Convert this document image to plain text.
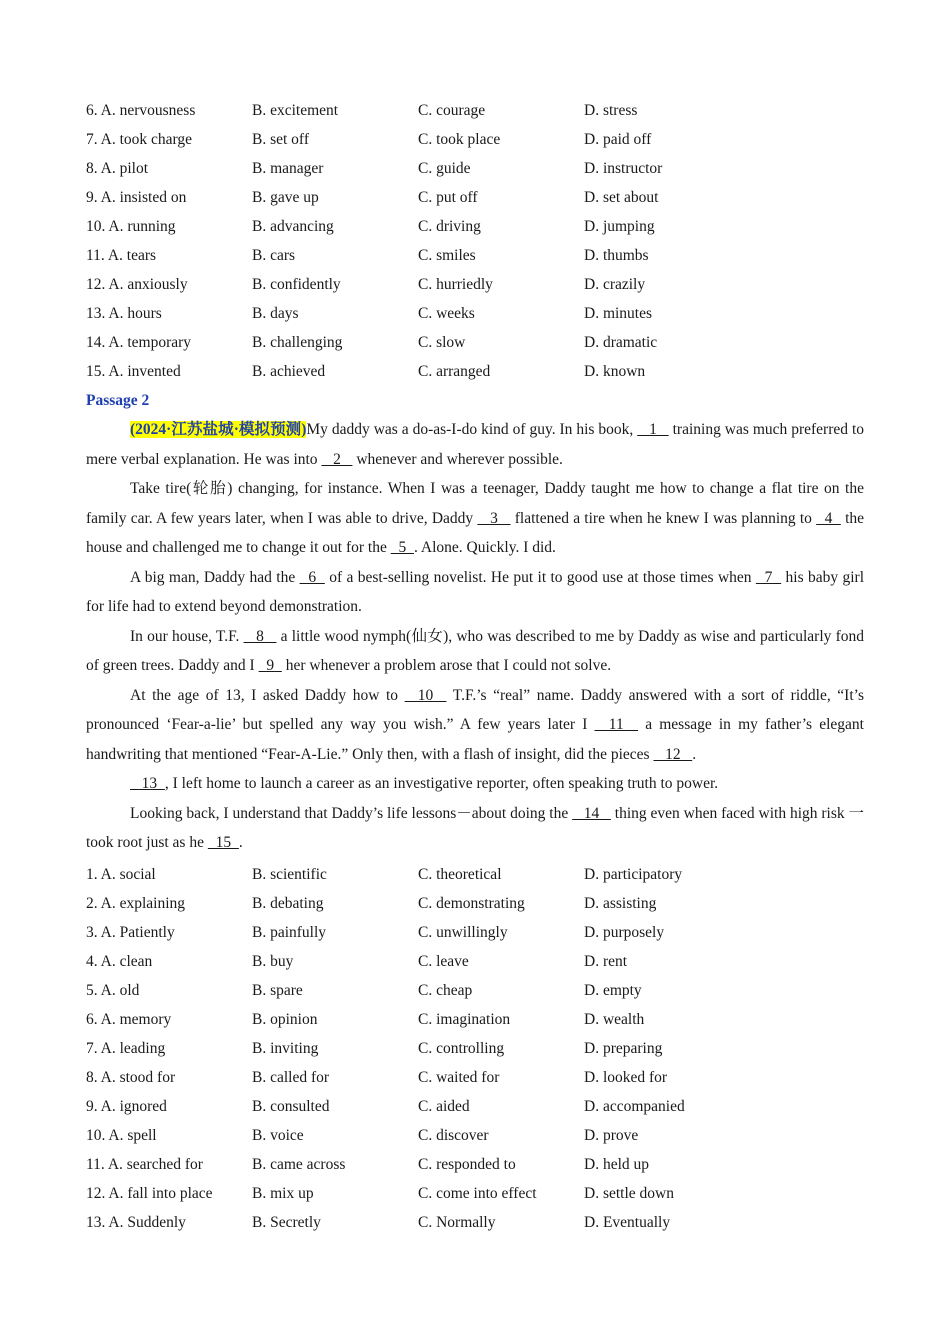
6. A. nervousness	B. excitement	C. courage	D. stress
7. A. took charge	B. set off	C. took place	D. paid off
8. A. pilot	B. manager	C. guide	D. instructor
9. A. insisted on	B. gave up	C. put off	D. set about
10. A. running	B. advancing	C. driving	D. jumping
11. A. tears	B. cars	C. smiles	D. thumbs
12. A. anxiously	B. confidently	C. hurriedly	D. crazily
13. A. hours	B. days	C. weeks	D. minutes
14. A. temporary	B. challenging	C. slow	D. dramatic
15. A. invented	B. achieved	C. arranged	D. known
Passage 2

(2024·江苏盐城·模拟预测)My daddy was a do-as-I-do kind of guy. In his book,    1    training was much preferred to mere verbal explanation. He was into    2    whenever and wherever possible.

Take tire(轮胎) changing, for instance. When I was a teenager, Daddy taught me how to change a flat tire on the family car. A few years later, when I was able to drive, Daddy    3    flattened a tire when he knew I was planning to   4   the house and challenged me to change it out for the   5  . Alone. Quickly. I did.

A big man, Daddy had the   6   of a best-selling novelist. He put it to good use at those times when   7   his baby girl for life had to extend beyond demonstration.

In our house, T.F.    8    a little wood nymph(仙女), who was described to me by Daddy as wise and particularly fond of green trees. Daddy and I   9   her whenever a problem arose that I could not solve.

At the age of 13, I asked Daddy how to   10   T.F.’s “real” name. Daddy answered with a sort of riddle, “It’s pronounced ‘Fear-a-lie’ but spelled any way you wish.” A few years later I   11   a message in my father’s elegant handwriting that mentioned “Fear-A-Lie.” Only then, with a flash of insight, did the pieces    12   .

13  , I left home to launch a career as an investigative reporter, often speaking truth to power.

Looking back, I understand that Daddy’s life lessons－about doing the    14    thing even when faced with high risk 一 took root just as he   15  .

1. A. social	B. scientific	C. theoretical	D. participatory
2. A. explaining	B. debating	C. demonstrating	D. assisting
3. A. Patiently	B. painfully	C. unwillingly	D. purposely
4. A. clean	B. buy	C. leave	D. rent
5. A. old	B. spare	C. cheap	D. empty
6. A. memory	B. opinion	C. imagination	D. wealth
7. A. leading	B. inviting	C. controlling	D. preparing
8. A. stood for	B. called for	C. waited for	D. looked for
9. A. ignored	B. consulted	C. aided	D. accompanied
10. A. spell	B. voice	C. discover	D. prove
11. A. searched for	B. came across	C. responded to	D. held up
12. A. fall into place	B. mix up	C. come into effect	D. settle down
13. A. Suddenly	B. Secretly	C. Normally	D. Eventually
